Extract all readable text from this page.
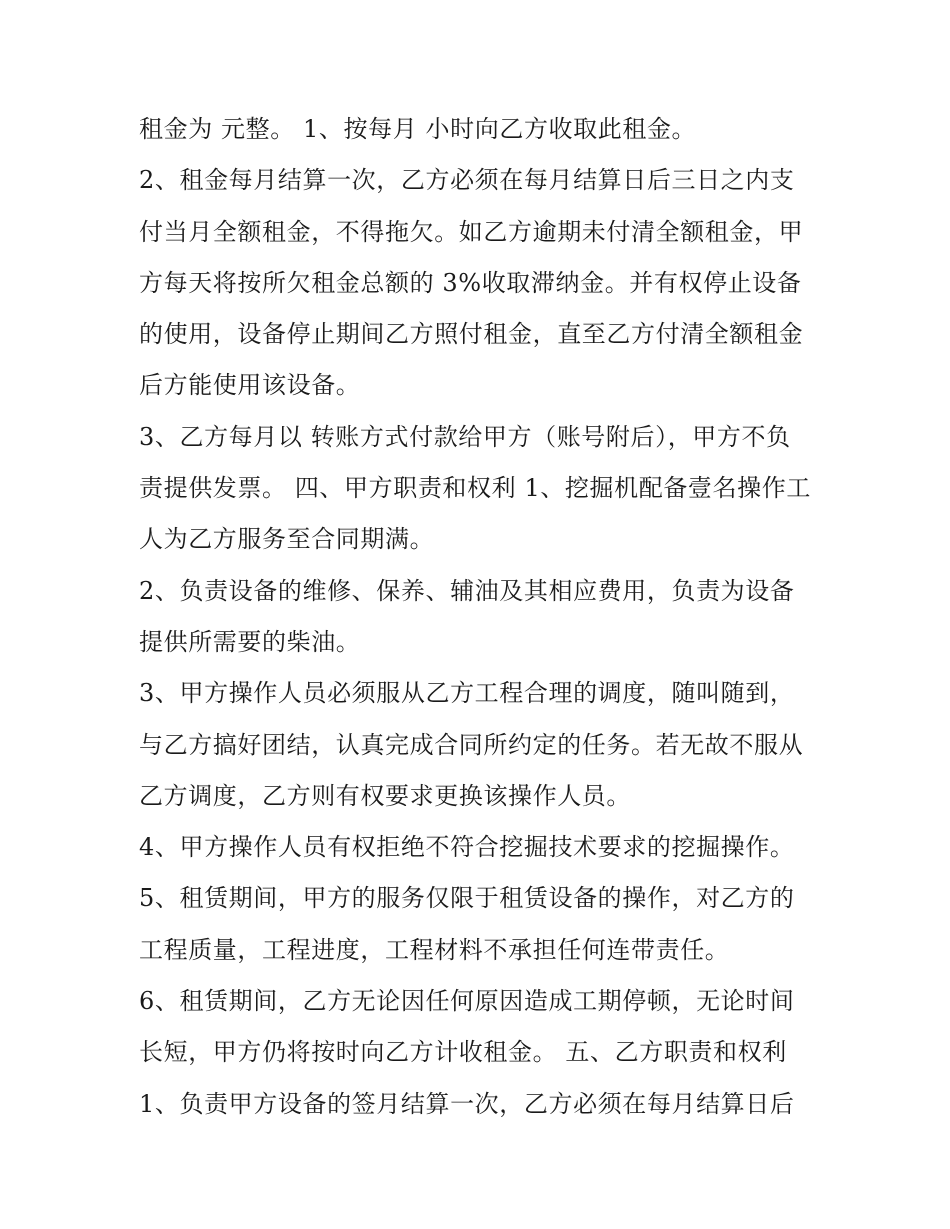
租金为 元整。 1、按每月 小时向乙方收取此租金。
2、租金每月结算一次，乙方必须在每月结算日后三日之内支
付当月全额租金，不得拖欠。如乙方逾期未付清全额租金，甲
方每天将按所欠租金总额的 3%收取滞纳金。并有权停止设备
的使用，设备停止期间乙方照付租金，直至乙方付清全额租金
后方能使用该设备。
3、乙方每月以 转账方式付款给甲方（账号附后），甲方不负
责提供发票。 四、甲方职责和权利 1、挖掘机配备壹名操作工
人为乙方服务至合同期满。
2、负责设备的维修、保养、辅油及其相应费用，负责为设备
提供所需要的柴油。
3、甲方操作人员必须服从乙方工程合理的调度，随叫随到，
与乙方搞好团结，认真完成合同所约定的任务。若无故不服从
乙方调度，乙方则有权要求更换该操作人员。
4、甲方操作人员有权拒绝不符合挖掘技术要求的挖掘操作。
5、租赁期间，甲方的服务仅限于租赁设备的操作，对乙方的
工程质量，工程进度，工程材料不承担任何连带责任。
6、租赁期间，乙方无论因任何原因造成工期停顿，无论时间
长短，甲方仍将按时向乙方计收租金。 五、乙方职责和权利
1、负责甲方设备的签月结算一次，乙方必须在每月结算日后
